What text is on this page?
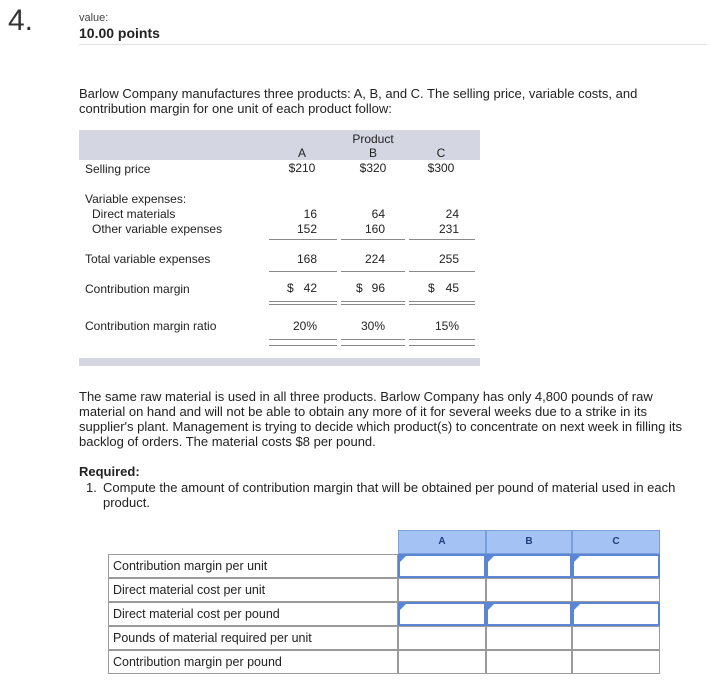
4.	value:
10.00 points
Barlow Company manufactures three products: A, B, and C. The selling price, variable costs, and contribution margin for one unit of each product follow:
Product
A	B	C
Selling price	$210	$320	$300
Variable expenses:
Direct materials	16	64	24
Other variable expenses	152	160	231
Total variable expenses	168	224	255
Contribution margin	$ 42	$ 96	$ 45
Contribution margin ratio	20%	30%	15%
The same raw material is used in all three products. Barlow Company has only 4,800 pounds of raw material on hand and will not be able to obtain any more of it for several weeks due to a strike in its supplier's plant. Management is trying to decide which product(s) to concentrate on next week in filling its backlog of orders. The material costs $8 per pound.
Required:
1. Compute the amount of contribution margin that will be obtained per pound of material used in each product.
A	B	C
Contribution margin per unit
Direct material cost per unit
Direct material cost per pound
Pounds of material required per unit
Contribution margin per pound
